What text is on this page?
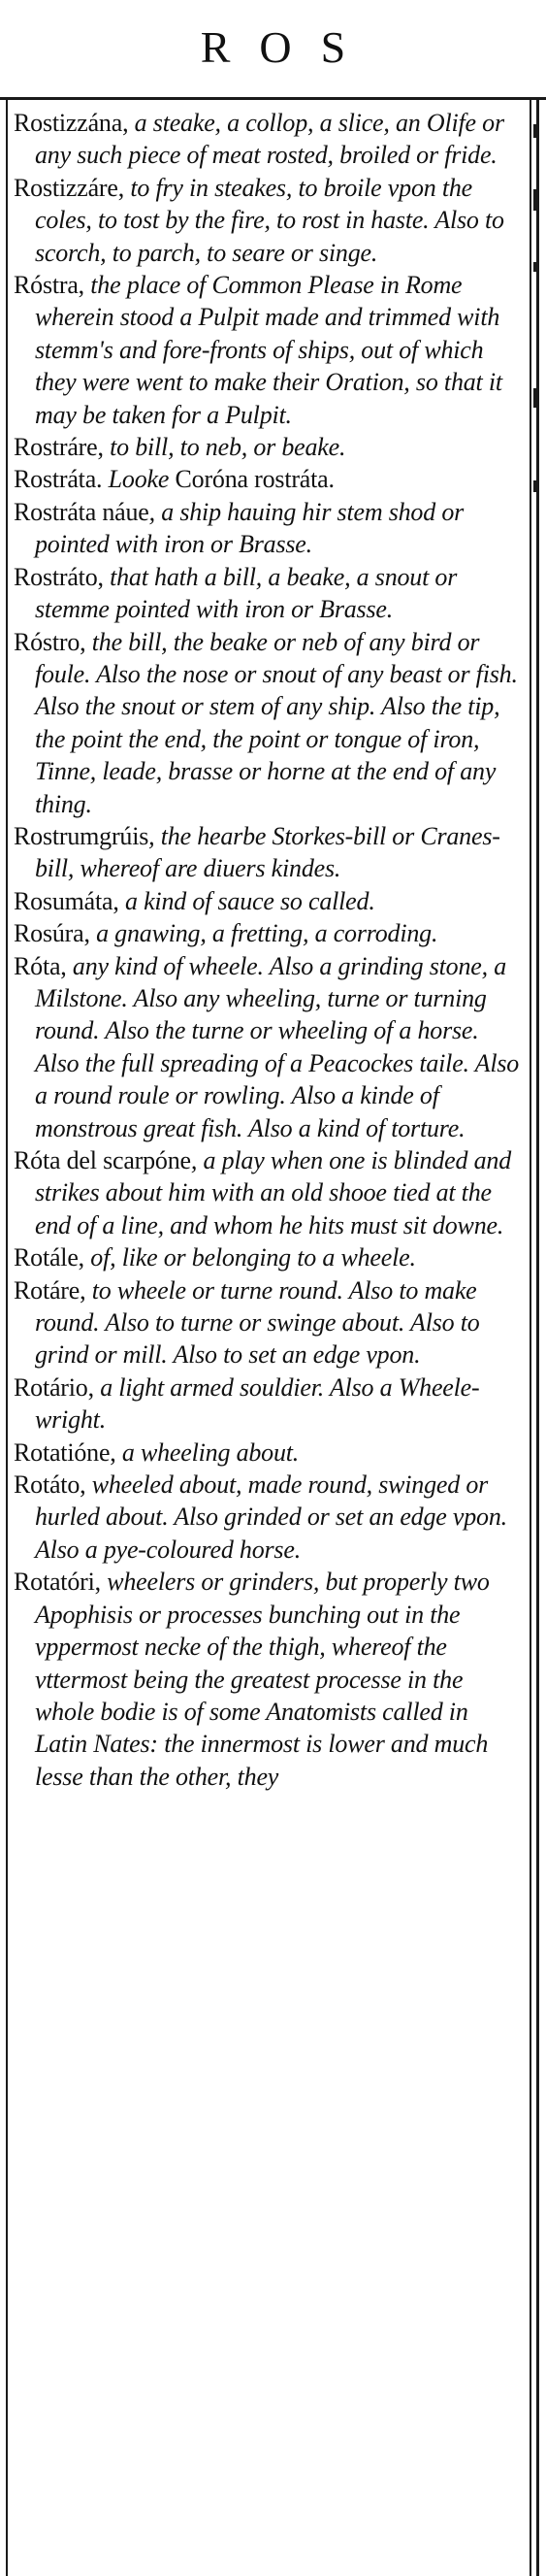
ROS

Rostizzána, a steake, a collop, a slice, an Olife or any such piece of meat rosted, broiled or fride.

Rostizzáre, to fry in steakes, to broile vpon the coles, to tost by the fire, to rost in haste. Also to scorch, to parch, to seare or singe.

Róstra, the place of Common Please in Rome wherein stood a Pulpit made and trimmed with stemm's and fore-fronts of ships, out of which they were went to make their Oration, so that it may be taken for a Pulpit.

Rostráre, to bill, to neb, or beake.

Rostráta. Looke Coróna rostráta.

Rostráta náue, a ship hauing hir stem shod or pointed with iron or Brasse.

Rostráto, that hath a bill, a beake, a snout or stemme pointed with iron or Brasse.

Róstro, the bill, the beake or neb of any bird or foule. Also the nose or snout of any beast or fish. Also the snout or stem of any ship. Also the tip, the point the end, the point or tongue of iron, Tinne, leade, brasse or horne at the end of any thing.

Rostrumgrúis, the hearbe Storkes-bill or Cranes-bill, whereof are diuers kindes.

Rosumáta, a kind of sauce so called.

Rosúra, a gnawing, a fretting, a corroding.

Róta, any kind of wheele. Also a grinding stone, a Milstone. Also any wheeling, turne or turning round. Also the turne or wheeling of a horse. Also the full spreading of a Peacockes taile. Also a round roule or rowling. Also a kinde of monstrous great fish. Also a kind of torture.

Róta del scarpóne, a play when one is blinded and strikes about him with an old shooe tied at the end of a line, and whom he hits must sit downe.

Rotále, of, like or belonging to a wheele.

Rotáre, to wheele or turne round. Also to make round. Also to turne or swinge about. Also to grind or mill. Also to set an edge vpon.

Rotário, a light armed souldier. Also a Wheele-wright.

Rotatióne, a wheeling about.

Rotáto, wheeled about, made round, swinged or hurled about. Also grinded or set an edge vpon. Also a pye-coloured horse.

Rotatóri, wheelers or grinders, but properly two Apophisis or processes bunching out in the vppermost necke of the thigh, whereof the vttermost being the greatest processe in the whole bodie is of some Anatomists called in Latin Nates: the innermost is lower and much lesse than the other, they
